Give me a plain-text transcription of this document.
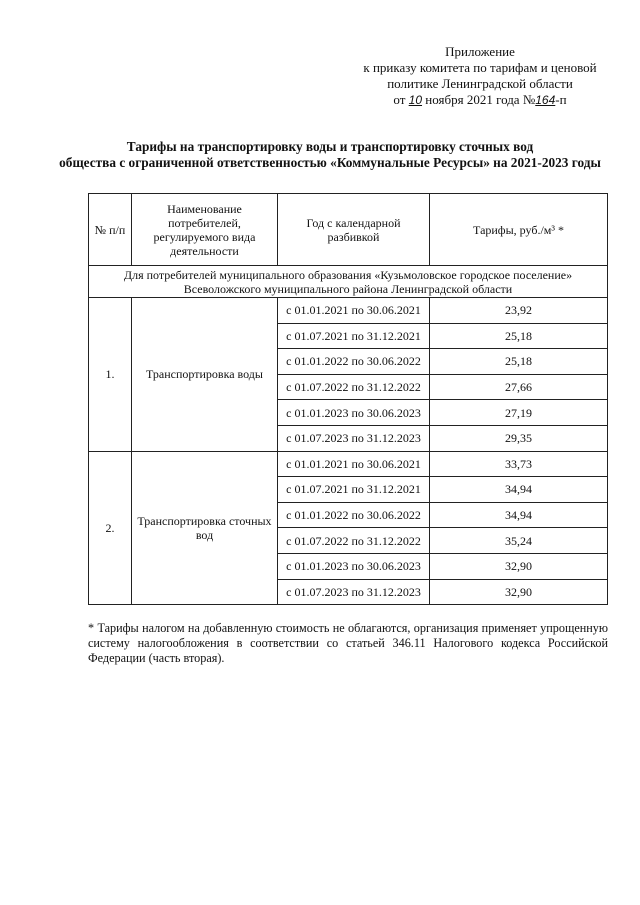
Приложение
к приказу комитета по тарифам и ценовой
политике Ленинградской области
от 10 ноября 2021 года №164-п
Тарифы на транспортировку воды и транспортировку сточных вод
общества с ограниченной ответственностью «Коммунальные Ресурсы» на 2021-2023 годы
№ п/п	Наименование потребителей, регулируемого вида деятельности	Год с календарной разбивкой	Тарифы, руб./м³ *

Для потребителей муниципального образования «Кузьмоловское городское поселение»
Всеволожского муниципального района Ленинградской области			

1.	Транспортировка воды	с 01.01.2021 по 30.06.2021	23,92
		с 01.07.2021 по 31.12.2021	25,18
		с 01.01.2022 по 30.06.2022	25,18
		с 01.07.2022 по 31.12.2022	27,66
		с 01.01.2023 по 30.06.2023	27,19
		с 01.07.2023 по 31.12.2023	29,35
2.	Транспортировка сточных вод	с 01.01.2021 по 30.06.2021	33,73
		с 01.07.2021 по 31.12.2021	34,94
		с 01.01.2022 по 30.06.2022	34,94
		с 01.07.2022 по 31.12.2022	35,24
		с 01.01.2023 по 30.06.2023	32,90
		с 01.07.2023 по 31.12.2023	32,90
* Тарифы налогом на добавленную стоимость не облагаются, организация применяет упрощенную систему налогообложения в соответствии со статьей 346.11 Налогового кодекса Российской Федерации (часть вторая).
